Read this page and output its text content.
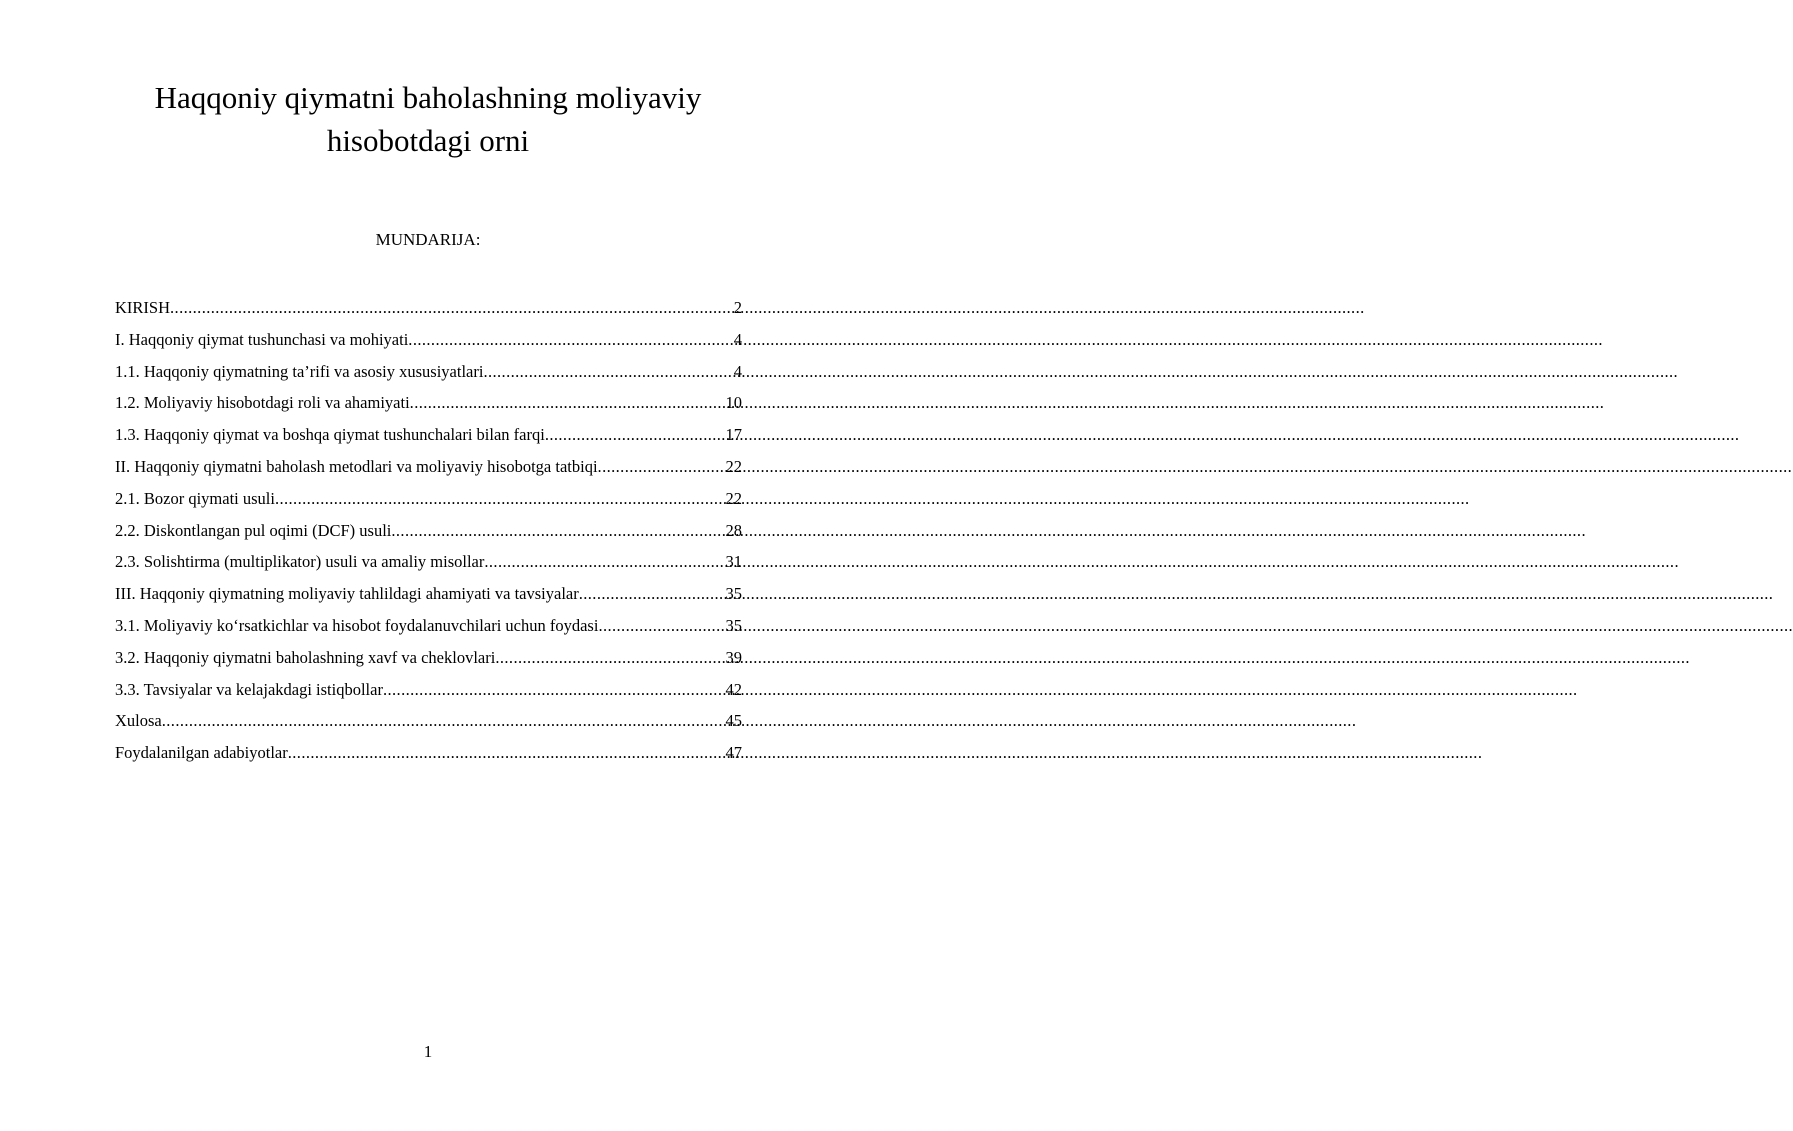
Haqqoniy qiymatni baholashning moliyaviy hisobotdagi orni
MUNDARIJA:
KIRISH .....	2
I. Haqqoniy qiymat tushunchasi va mohiyati .....	4
1.1. Haqqoniy qiymatning ta’rifi va asosiy xususiyatlari .....	4
1.2. Moliyaviy hisobotdagi roli va ahamiyati .....	10
1.3. Haqqoniy qiymat va boshqa qiymat tushunchalari bilan farqi .....	17
II. Haqqoniy qiymatni baholash metodlari va moliyaviy hisobotga tatbiqi .....	22
2.1. Bozor qiymati usuli .....	22
2.2. Diskontlangan pul oqimi (DCF) usuli .....	28
2.3. Solishtirma (multiplikator) usuli va amaliy misollar .....	31
III. Haqqoniy qiymatning moliyaviy tahlildagi ahamiyati va tavsiyalar .....	35
3.1. Moliyaviy ko‘rsatkichlar va hisobot foydalanuvchilari uchun foydasi .....	35
3.2. Haqqoniy qiymatni baholashning xavf va cheklovlari .....	39
3.3. Tavsiyalar va kelajakdagi istiqbollar .....	42
Xulosa .....	45
Foydalanilgan adabiyotlar .....	47
1
